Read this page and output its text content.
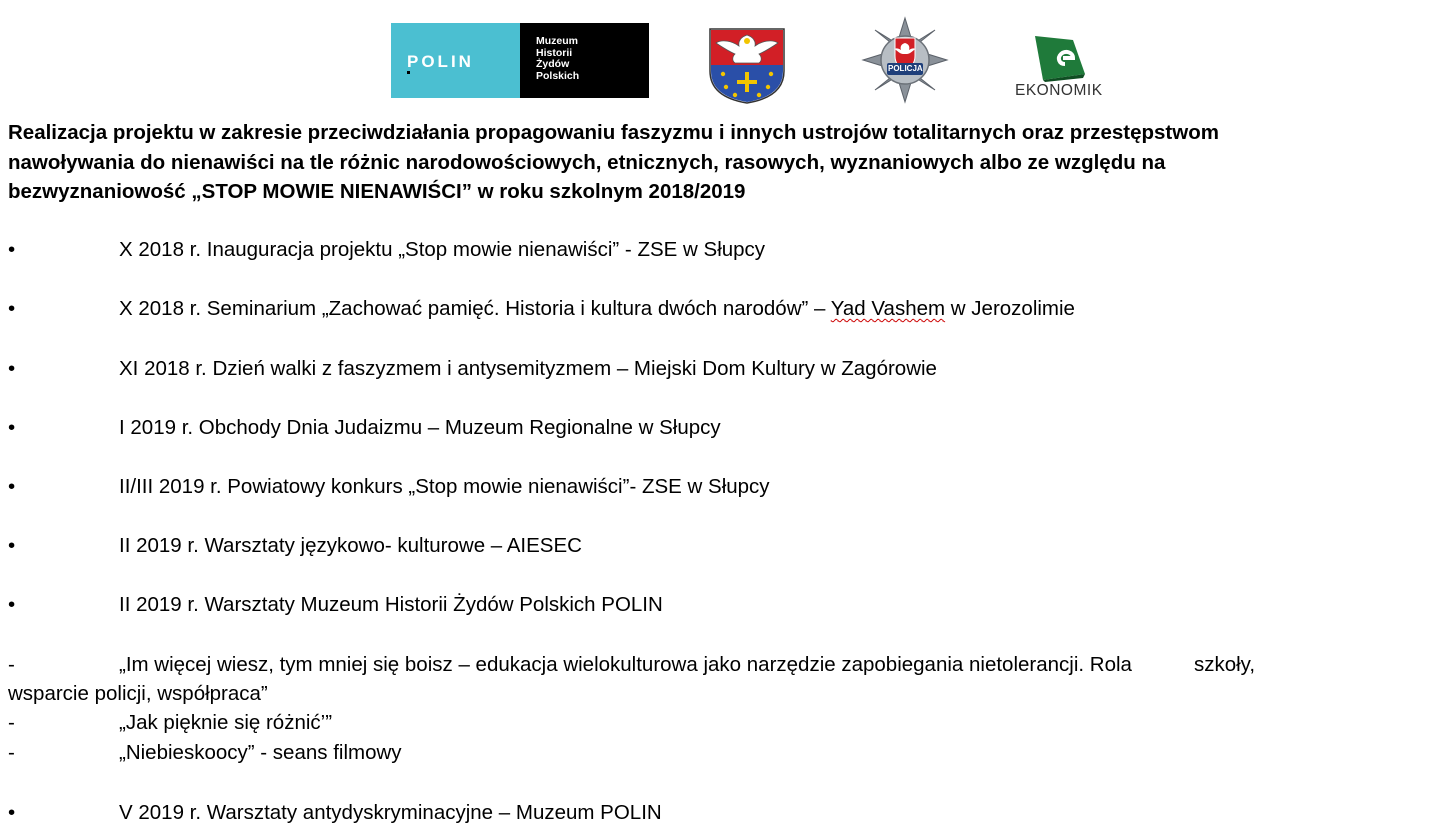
POLIN
Muzeum
Historii
Żydów
Polskich
POLICJA
EKONOMIK
Realizacja projektu w zakresie przeciwdziałania propagowaniu faszyzmu i innych ustrojów totalitarnych oraz przestępstwom nawoływania do nienawiści na tle różnic narodowościowych, etnicznych, rasowych, wyznaniowych albo ze względu na bezwyznaniowość „STOP MOWIE NIENAWIŚCI” w roku szkolnym 2018/2019
•	X 2018 r. Inauguracja projektu „Stop mowie nienawiści” - ZSE w Słupcy
•	X 2018 r. Seminarium „Zachować pamięć. Historia i kultura dwóch narodów” – Yad Vashem w Jerozolimie
•	XI 2018 r. Dzień walki z faszyzmem i antysemityzmem – Miejski Dom Kultury w Zagórowie
•	I 2019 r. Obchody Dnia Judaizmu – Muzeum Regionalne w Słupcy
•	II/III 2019 r. Powiatowy konkurs „Stop mowie nienawiści”- ZSE w Słupcy
•	II 2019 r. Warsztaty językowo- kulturowe – AIESEC
•	II 2019 r. Warsztaty Muzeum Historii Żydów Polskich POLIN
-	„Im więcej wiesz, tym mniej się boisz – edukacja wielokulturowa jako narzędzie zapobiegania nietolerancji. Rola	szkoły,
wsparcie policji, współpraca”
-	„Jak pięknie się różnić’”
-	„Niebieskoocy” - seans filmowy
•	V 2019 r. Warsztaty antydyskryminacyjne – Muzeum POLIN
